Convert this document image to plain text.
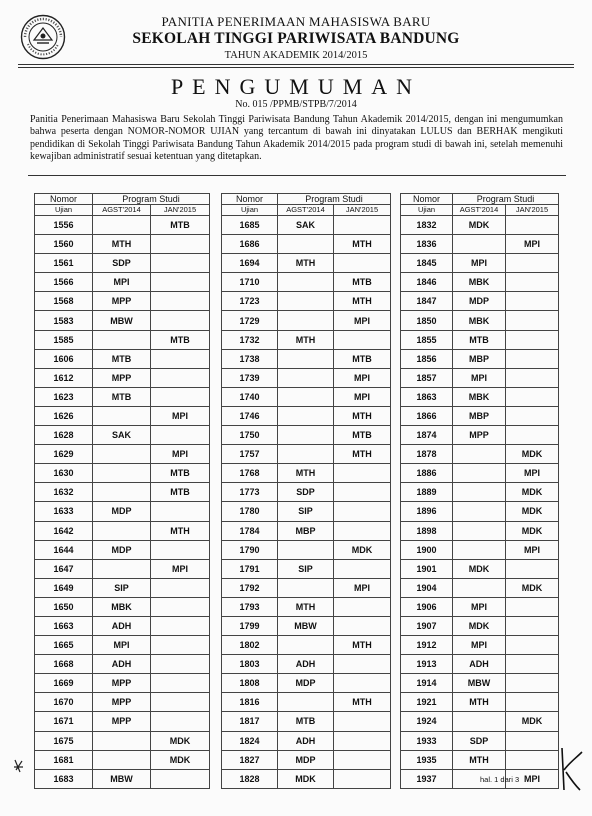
PANITIA PENERIMAAN MAHASISWA BARU
SEKOLAH TINGGI PARIWISATA BANDUNG
TAHUN AKADEMIK 2014/2015
PENGUMUMAN
No. 015 /PPMB/STPB/7/2014
Panitia Penerimaan Mahasiswa Baru Sekolah Tinggi Pariwisata Bandung Tahun Akademik 2014/2015, dengan ini mengumumkan bahwa peserta dengan NOMOR-NOMOR UJIAN yang tercantum di bawah ini dinyatakan LULUS dan BERHAK mengikuti pendidikan di Sekolah Tinggi Pariwisata Bandung Tahun Akademik 2014/2015 pada program studi di bawah ini, setelah memenuhi kewajiban administratif sesuai ketentuan yang ditetapkan.
Nomor	Program Studi	
Ujian	AGST'2014	JAN'2015
1556		MTB
1560	MTH	
1561	SDP	
1566	MPI	
1568	MPP	
1583	MBW	
1585		MTB
1606	MTB	
1612	MPP	
1623	MTB	
1626		MPI
1628	SAK	
1629		MPI
1630		MTB
1632		MTB
1633	MDP	
1642		MTH
1644	MDP	
1647		MPI
1649	SIP	
1650	MBK	
1663	ADH	
1665	MPI	
1668	ADH	
1669	MPP	
1670	MPP	
1671	MPP	
1675		MDK
1681		MDK
1683	MBW	
Nomor	Program Studi	
Ujian	AGST'2014	JAN'2015
1685	SAK	
1686		MTH
1694	MTH	
1710		MTB
1723		MTH
1729		MPI
1732	MTH	
1738		MTB
1739		MPI
1740		MPI
1746		MTH
1750		MTB
1757		MTH
1768	MTH	
1773	SDP	
1780	SIP	
1784	MBP	
1790		MDK
1791	SIP	
1792		MPI
1793	MTH	
1799	MBW	
1802		MTH
1803	ADH	
1808	MDP	
1816		MTH
1817	MTB	
1824	ADH	
1827	MDP	
1828	MDK	
Nomor	Program Studi	
Ujian	AGST'2014	JAN'2015
1832	MDK	
1836		MPI
1845	MPI	
1846	MBK	
1847	MDP	
1850	MBK	
1855	MTB	
1856	MBP	
1857	MPI	
1863	MBK	
1866	MBP	
1874	MPP	
1878		MDK
1886		MPI
1889		MDK
1896		MDK
1898		MDK
1900		MPI
1901	MDK	
1904		MDK
1906	MPI	
1907	MDK	
1912	MPI	
1913	ADH	
1914	MBW	
1921	MTH	
1924		MDK
1933	SDP	
1935	MTH	
1937		MPI
hal. 1 dari 3
